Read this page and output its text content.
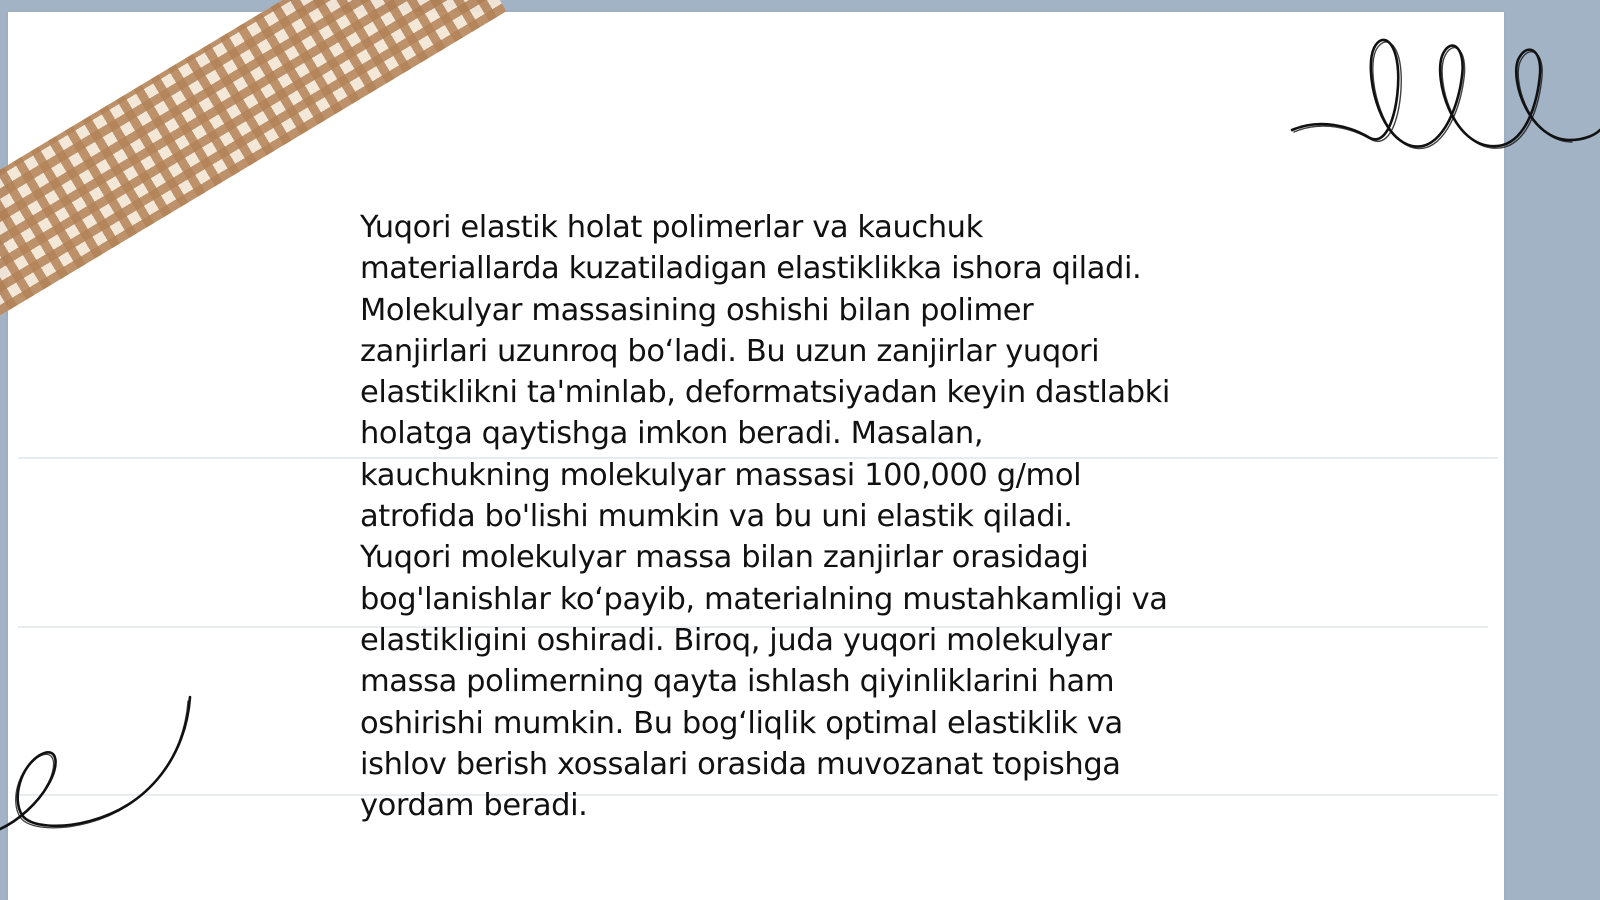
Yuqori elastik holat polimerlar va kauchuk
materiallarda kuzatiladigan elastiklikka ishora qiladi.
Molekulyar massasining oshishi bilan polimer
zanjirlari uzunroq bo‘ladi. Bu uzun zanjirlar yuqori
elastiklikni ta'minlab, deformatsiyadan keyin dastlabki
holatga qaytishga imkon beradi. Masalan,
kauchukning molekulyar massasi 100,000 g/mol
atrofida bo'lishi mumkin va bu uni elastik qiladi.
Yuqori molekulyar massa bilan zanjirlar orasidagi
bog'lanishlar ko‘payib, materialning mustahkamligi va
elastikligini oshiradi. Biroq, juda yuqori molekulyar
massa polimerning qayta ishlash qiyinliklarini ham
oshirishi mumkin. Bu bog‘liqlik optimal elastiklik va
ishlov berish xossalari orasida muvozanat topishga
yordam beradi.
